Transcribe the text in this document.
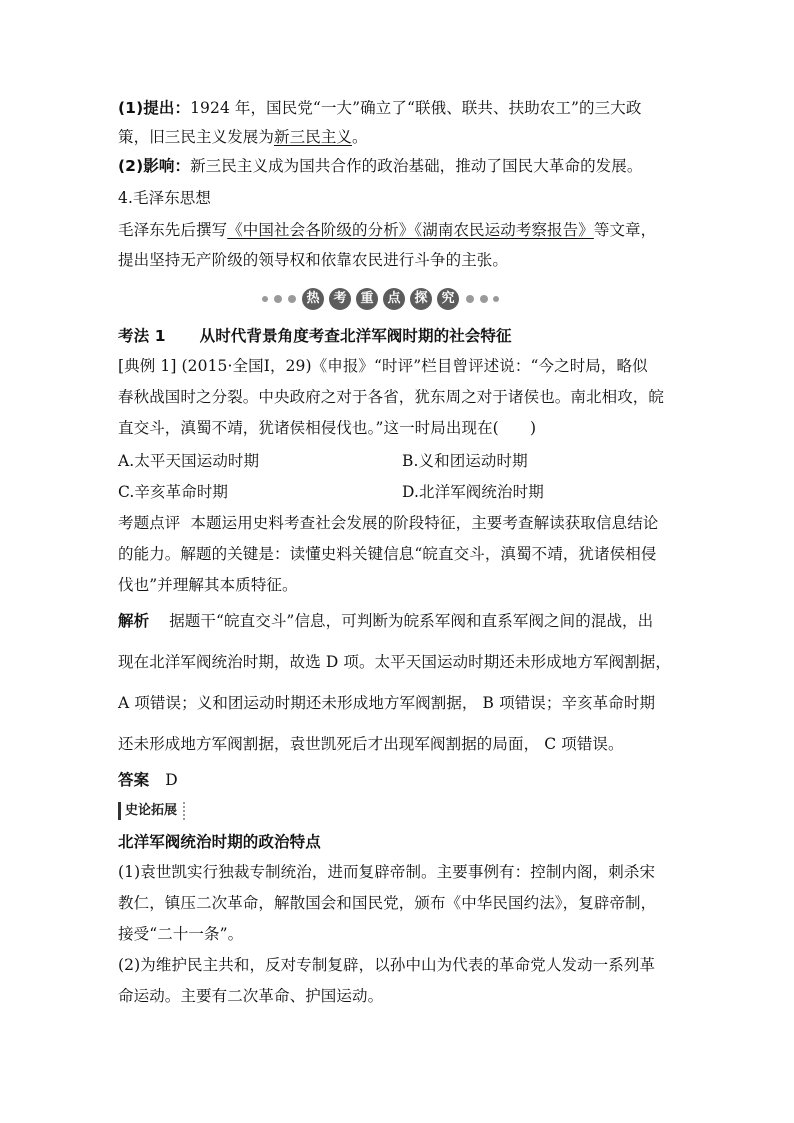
(1)提出：1924 年，国民党“一大”确立了“联俄、联共、扶助农工”的三大政
策，旧三民主义发展为新三民主义。
(2)影响：新三民主义成为国共合作的政治基础，推动了国民大革命的发展。
4.毛泽东思想
毛泽东先后撰写《中国社会各阶级的分析》《湖南农民运动考察报告》等文章，
提出坚持无产阶级的领导权和依靠农民进行斗争的主张。
热	考	重	点	探	究
考法 1 从时代背景角度考查北洋军阀时期的社会特征
[典例 1] (2015·全国Ⅰ，29)《申报》“时评”栏目曾评述说：“今之时局，略似
春秋战国时之分裂。中央政府之对于各省，犹东周之对于诸侯也。南北相攻，皖
直交斗，滇蜀不靖，犹诸侯相侵伐也。”这一时局出现在(　　)
A.太平天国运动时期	B.义和团运动时期
C.辛亥革命时期	D.北洋军阀统治时期
考题点评 本题运用史料考查社会发展的阶段特征，主要考查解读获取信息结论
的能力。解题的关键是：读懂史料关键信息“皖直交斗，滇蜀不靖，犹诸侯相侵
伐也”并理解其本质特征。
解析 据题干“皖直交斗”信息，可判断为皖系军阀和直系军阀之间的混战，出
现在北洋军阀统治时期，故选 D 项。太平天国运动时期还未形成地方军阀割据，
A 项错误；义和团运动时期还未形成地方军阀割据， B 项错误；辛亥革命时期
还未形成地方军阀割据，袁世凯死后才出现军阀割据的局面， C 项错误。
答案 D
史论拓展
北洋军阀统治时期的政治特点
(1)袁世凯实行独裁专制统治，进而复辟帝制。主要事例有：控制内阁，刺杀宋
教仁，镇压二次革命，解散国会和国民党，颁布《中华民国约法》，复辟帝制，
接受“二十一条”。
(2)为维护民主共和，反对专制复辟，以孙中山为代表的革命党人发动一系列革
命运动。主要有二次革命、护国运动。
